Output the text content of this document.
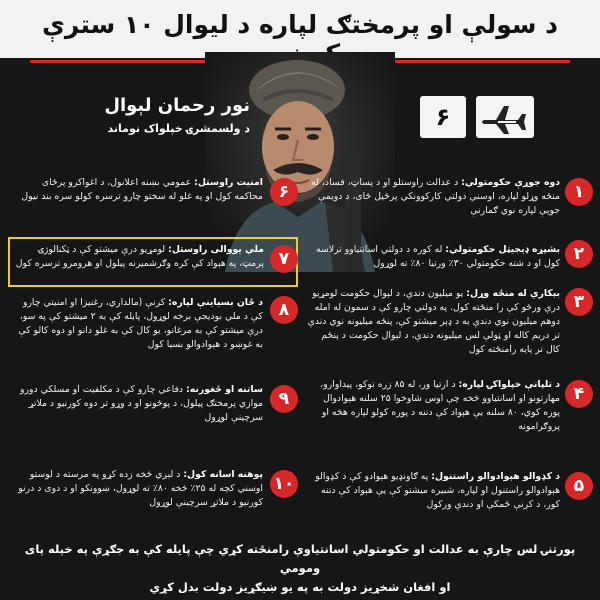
د سولې او پرمختګ لپاره د لیوال ۱۰ سترې
نور رحمان لېوال
د ولسمشرۍ خپلواک نوماند	۶
۱
دوه جوړې حکومتولي: د عدالت راوستلو او د پساټ، فساد، له منځه وړلو لپاره، اوسني دولتي کارکوونکي پرځيل ځای، د دويمې جوپې لپاره نوي ګمارنې
۲
بشپړه ډيجيټل حکومتولي: له کوره د دولتي اسانتياوو ترلاسه کول او د شته حکومتولي ۳۰٪ ورتيا ۸۰٪ ته لوړول
۳
بېکاري له منځه وړل: يو ميليون دندې، د لېوال حکومت لومړيو درې ورځو کې را منځته کول. په دولتي چارو کې د سمون له امله دوهم ميليون نوي دندې به د ډېر ميشتو کې، پنځه ميليونه نوي دندې تر دريم کاله او ټولې لس ميليونه دندې، د لېوال حکومت د پنځم کال تر پايه رامنځته کول
۴
د تلپاتې خپلواکۍ لپاره: د ارتيا ور، له ۸۵ زره توکو، پيداوارو، مهارتونو او اسانتياوو څخه چې اوس شاوخوا ۲۵ سلنه هېوادوال پوره کوي، ۸۰ سلنه يې هېواد کې دننه د پوره کولو لپاره هڅه او پروګرامونه
۵
د کډوالو هېوادوالو راستنول: په ګاونډيو هېوادو کې د کډوالو هېوادوالو راستنول او لپاره، شبيره ميشتو کې يې هېواد کې دننه کور، د کرنې ځمکې او دندې ورکول
۶
امنيت راوستل: عمومي بښنه اعلانول، د اغواکرو پرځای محاکمه کول او په غلو له سختو چارو ترسره کولو سره بند نيول
۷
ملي يووالی راوستل: لومړيو درې ميشتو کې د ټکنالوژۍ پرمټ، په هېواد کې کره وګرشميرنه پيلول او هرومرو ترسره کول
۸
د ځان بسياينې لپاره: کرنې (مالداري، رغنيزا او امنيتي چارو کې د ملي بوديجې برخه لوړول، پايله کې به ۲ ميشتو کې په سو، درې ميشتو کې به مرغانو، يو کال کې به غلو دانو او دوه کالو کې به غوښو د هېوادوالو بسيا کول
۹
ساتنه او ځغورنه: دفاعي چارو کې د مکلفيت او مسلکي دورو موازي پرمختګ پيلول، د پوځونو او د وړو تر دوه کورنيو د ملاتړ سرچينې لوړول
۱۰
پوهنه اسانه کول: د لېږي څخه زده کړو په مرسته د لوستو اوسني کچه له ۲۵٪ څخه ۸۰٪ ته لوړول، ښوونکو او د دوی د درنو کورنيو د ملاتړ سرچينې لوړول
پورتنۍ لس چارې به عدالت او حکومتولي اسانتياوې رامنځته کړي چې پايله کې به جګړې په خپله پای ومومي
او افغان شخړيز دولت به په يو ښيګړيز دولت بدل کړي
